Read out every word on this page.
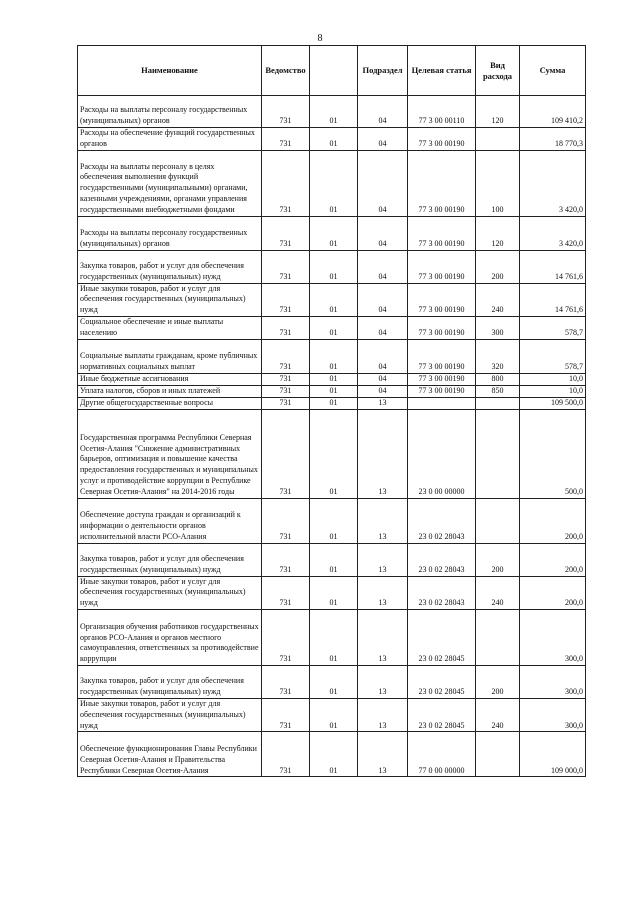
8
Наименование	Ведомство		Подраздел	Целевая статья	Вид расхода	Сумма
Расходы на выплаты персоналу государственных (муниципальных) органов	731	01	04	77 3 00 00110	120	109 410,2
Расходы на обеспечение функций государственных органов	731	01	04	77 3 00 00190		18 770,3
Расходы на выплаты персоналу в целях обеспечения выполнения функций государственными (муниципальными) органами, казенными учреждениями, органами управления государственными внебюджетными фондами	731	01	04	77 3 00 00190	100	3 420,0
Расходы на выплаты персоналу государственных (муниципальных) органов	731	01	04	77 3 00 00190	120	3 420,0
Закупка товаров, работ и услуг для обеспечения государственных (муниципальных) нужд	731	01	04	77 3 00 00190	200	14 761,6
Иные закупки товаров, работ и услуг для обеспечения государственных (муниципальных) нужд	731	01	04	77 3 00 00190	240	14 761,6
Социальное обеспечение и иные выплаты населению	731	01	04	77 3 00 00190	300	578,7
Социальные выплаты гражданам, кроме публичных нормативных социальных выплат	731	01	04	77 3 00 00190	320	578,7
Иные бюджетные ассигнования	731	01	04	77 3 00 00190	800	10,0
Уплата налогов, сборов и иных платежей	731	01	04	77 3 00 00190	850	10,0
Другие общегосударственные вопросы	731	01	13			109 500,0
Государственная программа Республики Северная Осетия-Алания "Снижение административных барьеров, оптимизация и повышение качества предоставления государственных и муниципальных услуг и противодействие коррупции в Республике Северная Осетия-Алания" на 2014-2016 годы	731	01	13	23 0 00 00000		500,0
Обеспечение доступа граждан и организаций к информации о деятельности органов исполнительной власти РСО-Алания	731	01	13	23 0 02 28043		200,0
Закупка товаров, работ и услуг для обеспечения государственных (муниципальных) нужд	731	01	13	23 0 02 28043	200	200,0
Иные закупки товаров, работ и услуг для обеспечения государственных (муниципальных) нужд	731	01	13	23 0 02 28043	240	200,0
Организация обучения работников государственных органов РСО-Алания и органов местного самоуправления, ответственных за противодействие коррупции	731	01	13	23 0 02 28045		300,0
Закупка товаров, работ и услуг для обеспечения государственных (муниципальных) нужд	731	01	13	23 0 02 28045	200	300,0
Иные закупки товаров, работ и услуг для обеспечения государственных (муниципальных) нужд	731	01	13	23 0 02 28045	240	300,0
Обеспечение функционирования Главы Республики Северная Осетия-Алания и Правительства Республики Северная Осетия-Алания	731	01	13	77 0 00 00000		109 000,0
